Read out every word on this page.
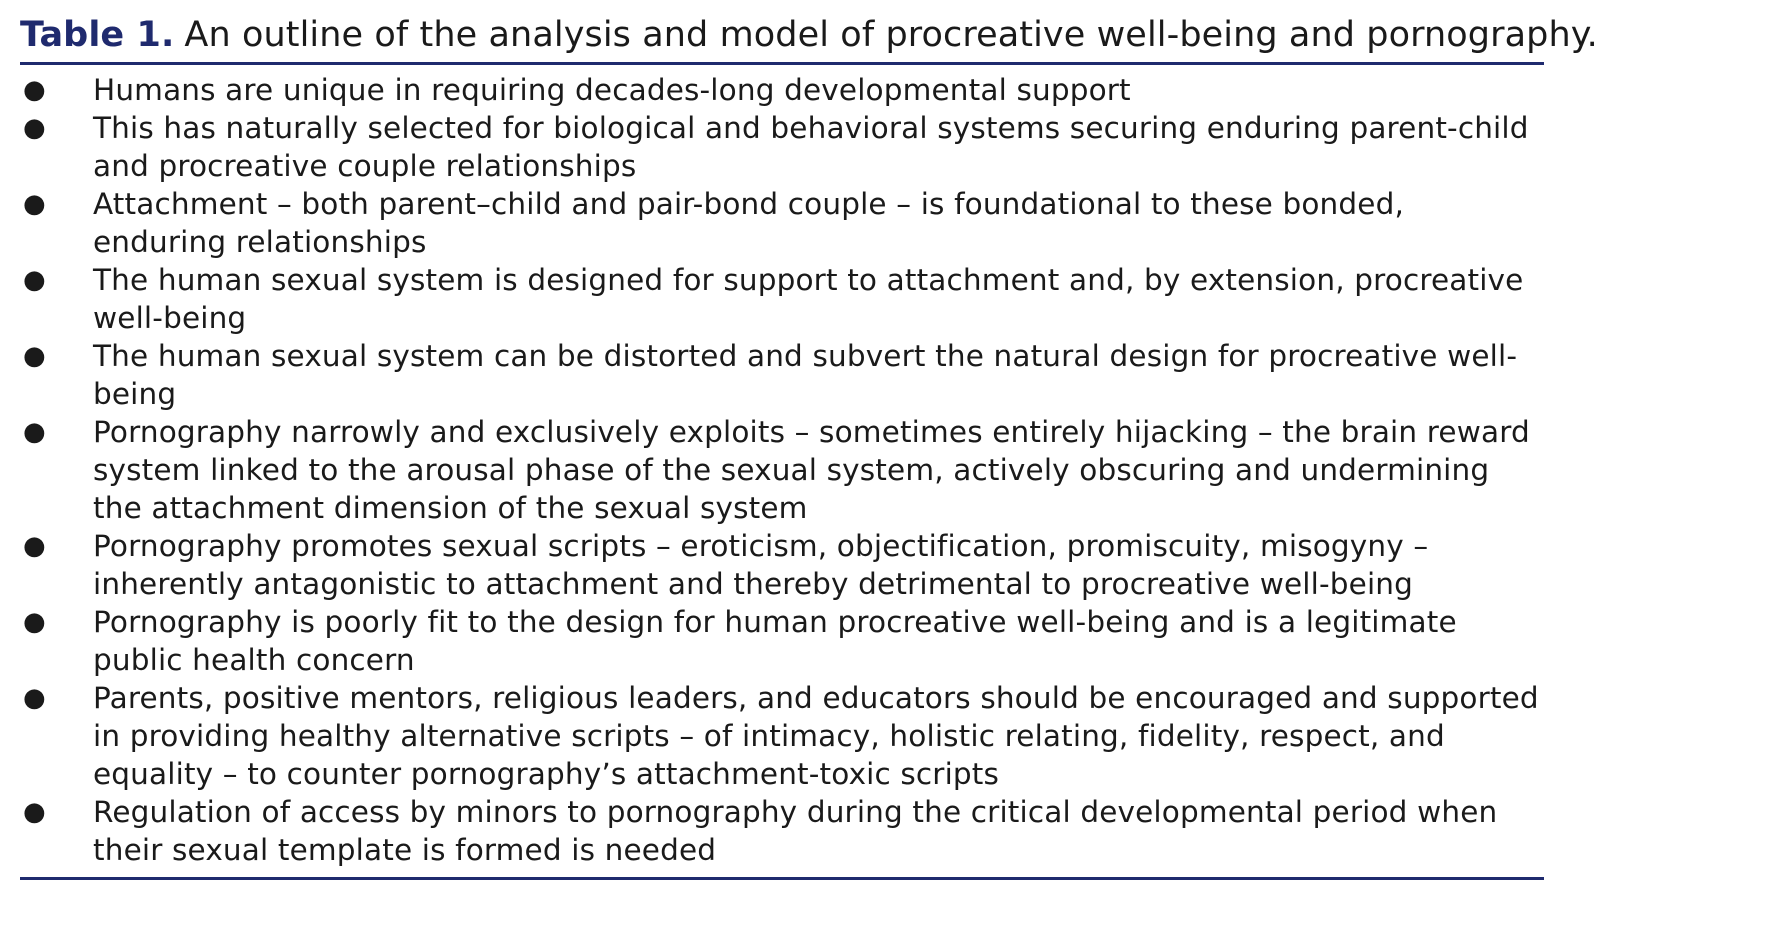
Table 1. An outline of the analysis and model of procreative well-being and pornography.
●	Humans are unique in requiring decades-long developmental support
●	This has naturally selected for biological and behavioral systems securing enduring parent-child and procreative couple relationships
●	Attachment – both parent–child and pair-bond couple – is foundational to these bonded, enduring relationships
●	The human sexual system is designed for support to attachment and, by extension, procreative well-being
●	The human sexual system can be distorted and subvert the natural design for procreative well-being
●	Pornography narrowly and exclusively exploits – sometimes entirely hijacking – the brain reward system linked to the arousal phase of the sexual system, actively obscuring and undermining the attachment dimension of the sexual system
●	Pornography promotes sexual scripts – eroticism, objectification, promiscuity, misogyny – inherently antagonistic to attachment and thereby detrimental to procreative well-being
●	Pornography is poorly fit to the design for human procreative well-being and is a legitimate public health concern
●	Parents, positive mentors, religious leaders, and educators should be encouraged and supported in providing healthy alternative scripts – of intimacy, holistic relating, fidelity, respect, and equality – to counter pornography’s attachment-toxic scripts
●	Regulation of access by minors to pornography during the critical developmental period when their sexual template is formed is needed
